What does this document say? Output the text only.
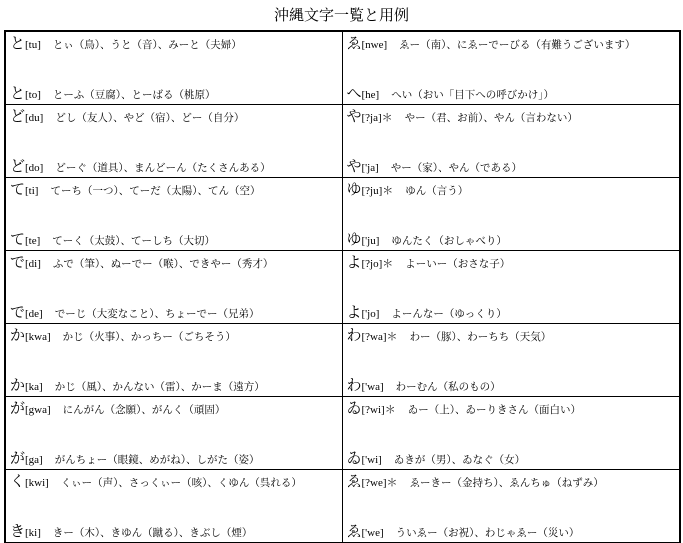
沖縄文字一覧と用例
と [tu] とぃ（鳥）、うと（音）、みーと（夫婦）
と [to] とーふ（豆腐）、とーばる（桃原）
ゑ [nwe] ゑー（南）、にゑーでーびる（有難うございます）
へ [he] へい（おい「目下への呼びかけ」）
ど [du] どし（友人）、やど（宿）、どー（自分）
ど [do] どーぐ（道具）、まんどーん（たくさんある）
や [?ja]＊ やー（君、お前）、やん（言わない）
や ['ja] やー（家）、やん（である）
て [ti] てーち（一つ）、てーだ（太陽）、てん（空）
て [te] てーく（太鼓）、てーしち（大切）
ゆ [?ju]＊ ゆん（言う）
ゆ ['ju] ゆんたく（おしゃべり）
で [di] ふで（筆）、ぬーでー（喉）、できやー（秀才）
で [de] でーじ（大変なこと）、ちょーでー（兄弟）
よ [?jo]＊ よーいー（おさな子）
よ ['jo] よーんなー（ゆっくり）
か [kwa] かじ（火事）、かっちー（ごちそう）
か [ka] かじ（風）、かんない（雷）、かーま（遠方）
わ [?wa]＊ わー（豚）、わーちち（天気）
わ ['wa] わーむん（私のもの）
が [gwa] にんがん（念願）、がんく（頑固）
が [ga] がんちょー（眼鏡、めがね）、しがた（姿）
ゐ [?wi]＊ ゐー（上）、ゐーりきさん（面白い）
ゐ ['wi] ゐきが（男）、ゐなぐ（女）
く [kwi] くぃー（声）、さっくぃー（咳）、くゆん（呉れる）
き [ki] きー（木）、きゆん（蹴る）、きぶし（煙）
ゑ [?we]＊ ゑーきー（金持ち）、ゑんちゅ（ねずみ）
ゑ ['we] ういゑー（お祝）、わじゃゑー（災い）
